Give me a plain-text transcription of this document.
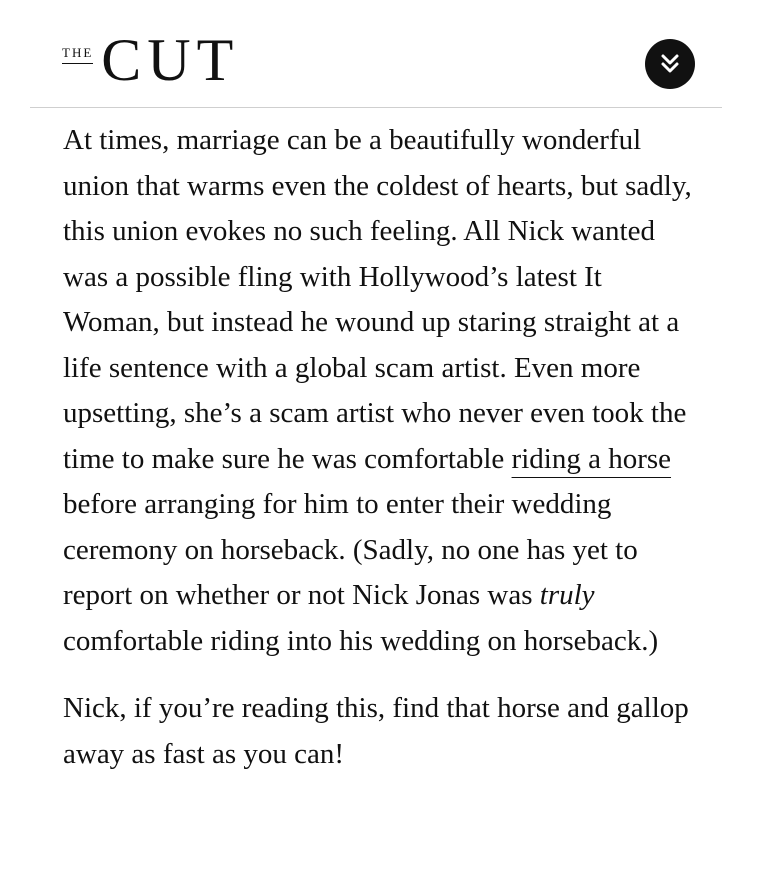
THE CUT

At times, marriage can be a beautifully wonderful union that warms even the coldest of hearts, but sadly, this union evokes no such feeling. All Nick wanted was a possible fling with Hollywood’s latest It Woman, but instead he wound up staring straight at a life sentence with a global scam artist. Even more upsetting, she’s a scam artist who never even took the time to make sure he was comfortable riding a horse before arranging for him to enter their wedding ceremony on horseback. (Sadly, no one has yet to report on whether or not Nick Jonas was truly comfortable riding into his wedding on horseback.)

Nick, if you’re reading this, find that horse and gallop away as fast as you can!
